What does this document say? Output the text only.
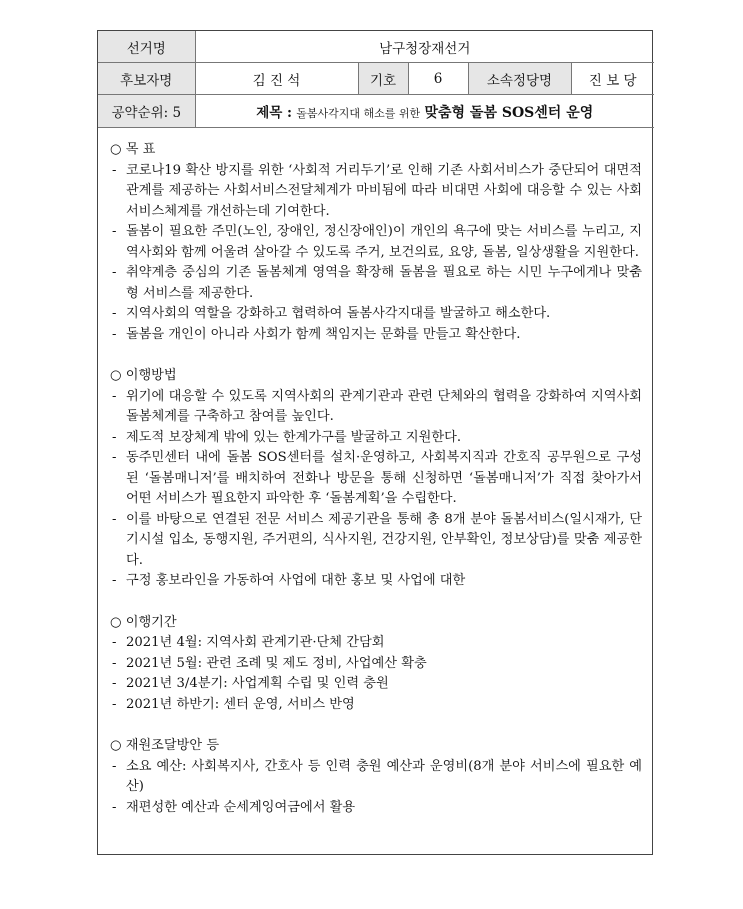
선거명	남구청장재선거				
후보자명	김 진 석	기호	6	소속정당명	진 보 당
공약순위: 5	제목 : 돌봄사각지대 해소를 위한 맞춤형 돌봄 SOS센터 운영				
○ 목 표
- 코로나19 확산 방지를 위한 ‘사회적 거리두기’로 인해 기존 사회서비스가 중단되어 대면적 관계를 제공하는 사회서비스전달체계가 마비됨에 따라 비대면 사회에 대응할 수 있는 사회서비스체계를 개선하는데 기여한다.
- 돌봄이 필요한 주민(노인, 장애인, 정신장애인)이 개인의 욕구에 맞는 서비스를 누리고, 지역사회와 함께 어울려 살아갈 수 있도록 주거, 보건의료, 요양, 돌봄, 일상생활을 지원한다.
- 취약계층 중심의 기존 돌봄체계 영역을 확장해 돌봄을 필요로 하는 시민 누구에게나 맞춤형 서비스를 제공한다.
- 지역사회의 역할을 강화하고 협력하여 돌봄사각지대를 발굴하고 해소한다.
- 돌봄을 개인이 아니라 사회가 함께 책임지는 문화를 만들고 확산한다.
○ 이행방법
- 위기에 대응할 수 있도록 지역사회의 관계기관과 관련 단체와의 협력을 강화하여 지역사회 돌봄체계를 구축하고 참여를 높인다.
- 제도적 보장체계 밖에 있는 한계가구를 발굴하고 지원한다.
- 동주민센터 내에 돌봄 SOS센터를 설치·운영하고, 사회복지직과 간호직 공무원으로 구성된 ‘돌봄매니저’를 배치하여 전화나 방문을 통해 신청하면 ‘돌봄매니저’가 직접 찾아가서 어떤 서비스가 필요한지 파악한 후 ‘돌봄계획’을 수립한다.
- 이를 바탕으로 연결된 전문 서비스 제공기관을 통해 총 8개 분야 돌봄서비스(일시재가, 단기시설 입소, 동행지원, 주거편의, 식사지원, 건강지원, 안부확인, 정보상담)를 맞춤 제공한다.
- 구정 홍보라인을 가동하여 사업에 대한 홍보 및 사업에 대한
○ 이행기간
- 2021년 4월: 지역사회 관계기관·단체 간담회
- 2021년 5월: 관련 조례 및 제도 정비, 사업예산 확충
- 2021년 3/4분기: 사업계획 수립 및 인력 충원
- 2021년 하반기: 센터 운영, 서비스 반영
○ 재원조달방안 등
- 소요 예산: 사회복지사, 간호사 등 인력 충원 예산과 운영비(8개 분야 서비스에 필요한 예산)
- 재편성한 예산과 순세계잉여금에서 활용
